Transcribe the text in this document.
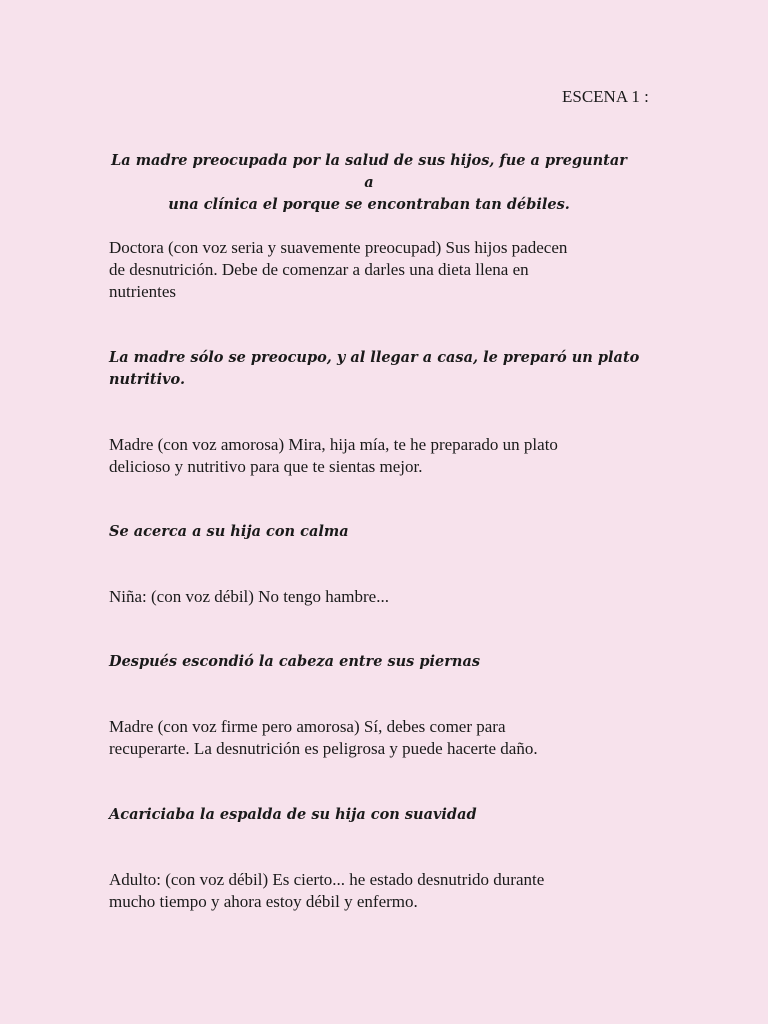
ESCENA 1 :

La madre preocupada por la salud de sus hijos, fue a preguntar a

una clínica el porque se encontraban tan débiles.

Doctora (con voz seria y suavemente preocupad) Sus hijos padecen

de desnutrición. Debe de comenzar a darles una dieta llena en

nutrientes

La madre sólo se preocupo, y al llegar a casa, le preparó un plato

nutritivo.

Madre (con voz amorosa) Mira, hija mía, te he preparado un plato

delicioso y nutritivo para que te sientas mejor.

Se acerca a su hija con calma

Niña: (con voz débil) No tengo hambre...

Después escondió la cabeza entre sus piernas

Madre (con voz firme pero amorosa) Sí, debes comer para

recuperarte. La desnutrición es peligrosa y puede hacerte daño.

Acariciaba la espalda de su hija con suavidad

Adulto: (con voz débil) Es cierto... he estado desnutrido durante

mucho tiempo y ahora estoy débil y enfermo.
